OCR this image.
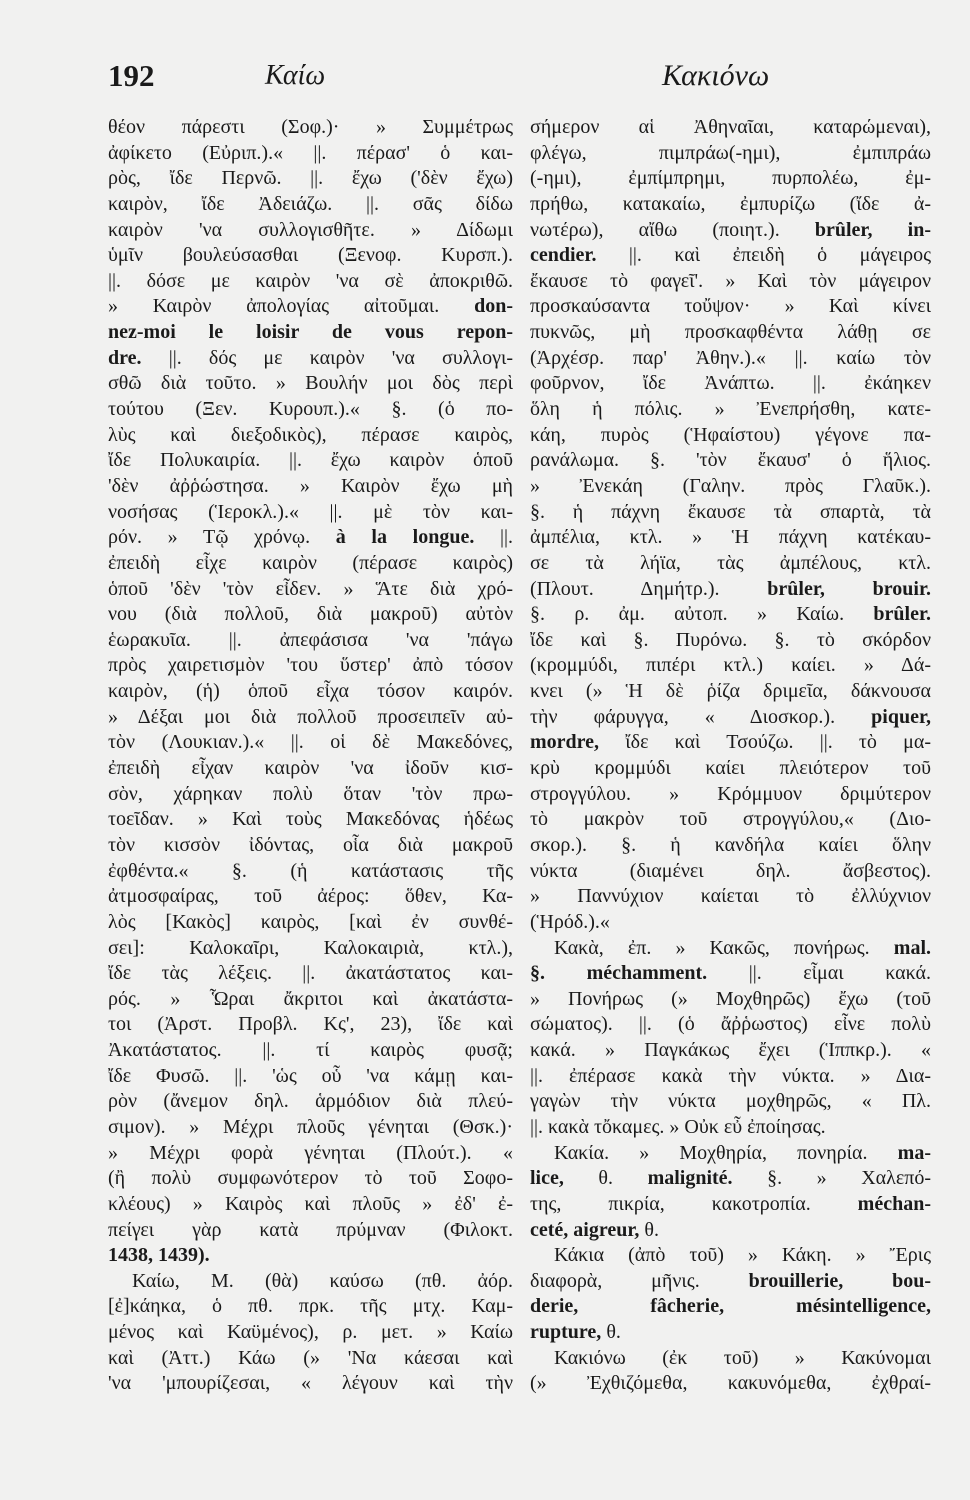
192	Καίω	Κακιόνω
θέον πάρεστι (Σοφ.)· » Συμμέτρως
ἀφίκετο (Εὐριπ.).« ||. πέρασ' ὁ και-
ρὸς, ἴδε Περνῶ. ||. ἔχω ('δὲν ἔχω)
καιρὸν, ἴδε Ἀδειάζω. ||. σᾶς δίδω
καιρὸν 'να συλλογισθῆτε. » Δίδωμι
ὑμῖν βουλεύσασθαι (Ξενοφ. Κυρσπ.).
||. δόσε με καιρὸν 'να σὲ ἀποκριθῶ.
» Καιρὸν ἀπολογίας αἰτοῦμαι. don-
nez-moi le loisir de vous repon-
dre. ||. δός με καιρὸν 'να συλλογι-
σθῶ διὰ τοῦτο. » Βουλήν μοι δὸς περὶ
τούτου (Ξεν. Κυρουπ.).« §. (ὁ πο-
λὺς καὶ διεξοδικὸς), πέρασε καιρὸς,
ἴδε Πολυκαιρία. ||. ἔχω καιρὸν ὁποῦ
'δὲν ἀῤῥώστησα. » Καιρὸν ἔχω μὴ
νοσήσας (Ἱεροκλ.).« ||. μὲ τὸν και-
ρόν. » Τῷ χρόνῳ. à la longue. ||.
ἐπειδὴ εἶχε καιρὸν (πέρασε καιρὸς)
ὁποῦ 'δὲν 'τὸν εἶδεν. » Ἅτε διὰ χρό-
νου (διὰ πολλοῦ, διὰ μακροῦ) αὐτὸν
ἑωρακυῖα. ||. ἀπεφάσισα 'να 'πάγω
πρὸς χαιρετισμὸν 'του ὕστερ' ἀπὸ τόσον
καιρὸν, (ἡ) ὁποῦ εἶχα τόσον καιρόν.
» Δέξαι μοι διὰ πολλοῦ προσειπεῖν αὐ-
τὸν (Λουκιαν.).« ||. οἱ δὲ Μακεδόνες,
ἐπειδὴ εἶχαν καιρὸν 'να ἰδοῦν κισ-
σὸν, χάρηκαν πολὺ ὅταν 'τὸν πρω-
τοεῖδαν. » Καὶ τοὺς Μακεδόνας ἡδέως
τὸν κισσὸν ἰδόντας, οἷα διὰ μακροῦ
ἐφθέντα.« §. (ἡ κατάστασις τῆς
ἀτμοσφαίρας, τοῦ ἀέρος: ὅθεν, Κα-
λὸς [Κακὸς] καιρὸς, [καὶ ἐν συνθέ-
σει]: Καλοκαῖρι, Καλοκαιριὰ, κτλ.),
ἴδε τὰς λέξεις. ||. ἀκατάστατος και-
ρός. » Ὧραι ἄκριτοι καὶ ἀκατάστα-
τοι (Ἀρστ. Προβλ. Κς', 23), ἴδε καὶ
Ἀκατάστατος. ||. τί καιρὸς φυσᾷ;
ἴδε Φυσῶ. ||. 'ὡς οὗ 'να κάμῃ και-
ρὸν (ἄνεμον δηλ. ἁρμόδιον διὰ πλεύ-
σιμον). » Μέχρι πλοῦς γένηται (Θσκ.)·
» Μέχρι φορὰ γένηται (Πλούτ.). «
(ἢ πολὺ συμφωνότερον τὸ τοῦ Σοφο-
κλέους) » Καιρὸς καὶ πλοῦς » ἐδ' ἐ-
πείγει γὰρ κατὰ πρύμναν (Φιλοκτ.
1438, 1439).
Καίω, Μ. (θὰ) καύσω (πθ. ἀόρ.
[ἐ]κάηκα, ὁ πθ. πρκ. τῆς μτχ. Καμ-
μένος καὶ Καϋμένος), ρ. μετ. » Καίω
καὶ (Ἀττ.) Κάω (» 'Να κάεσαι καὶ
'να 'μπουρίζεσαι, « λέγουν καὶ τὴν
σήμερον αἱ Ἀθηναῖαι, καταρώμεναι),
φλέγω, πιμπράω(-ημι), ἐμπιπράω
(-ημι), ἐμπίμπρημι, πυρπολέω, ἐμ-
πρήθω, κατακαίω, ἐμπυρίζω (ἴδε ἀ-
νωτέρω), αἴθω (ποιητ.). brûler, in-
cendier. ||. καὶ ἐπειδὴ ὁ μάγειρος
ἔκαυσε τὸ φαγεῖ'. » Καὶ τὸν μάγειρον
προσκαύσαντα τοὔψον· » Καὶ κίνει
πυκνῶς, μὴ προσκαφθέντα λάθῃ σε
(Ἀρχέσρ. παρ' Ἀθην.).« ||. καίω τὸν
φοῦρνον, ἴδε Ἀνάπτω. ||. ἐκάηκεν
ὅλη ἡ πόλις. » Ἐνεπρήσθη, κατε-
κάη, πυρὸς (Ἡφαίστου) γέγονε πα-
ρανάλωμα. §. 'τὸν ἔκαυσ' ὁ ἥλιος.
» Ἐνεκάη (Γαλην. πρὸς Γλαῦκ.).
§. ἡ πάχνη ἔκαυσε τὰ σπαρτὰ, τὰ
ἀμπέλια, κτλ. » Ἡ πάχνη κατέκαυ-
σε τὰ λήϊα, τὰς ἀμπέλους, κτλ.
(Πλουτ. Δημήτρ.). brûler, brouir.
§. ρ. ἀμ. αὐτοπ. » Καίω. brûler.
ἴδε καὶ §. Πυρόνω. §. τὸ σκόρδον
(κρομμύδι, πιπέρι κτλ.) καίει. » Δά-
κνει (» Ἡ δὲ ῥίζα δριμεῖα, δάκνουσα
τὴν φάρυγγα, « Διοσκορ.). piquer,
mordre, ἴδε καὶ Τσούζω. ||. τὸ μα-
κρὺ κρομμύδι καίει πλειότερον τοῦ
στρογγύλου. » Κρόμμυον δριμύτερον
τὸ μακρὸν τοῦ στρογγύλου,« (Διο-
σκορ.). §. ἡ κανδήλα καίει ὅλην
νύκτα (διαμένει δηλ. ἄσβεστος).
» Παννύχιον καίεται τὸ ἐλλύχνιον
(Ἡρόδ.).«
Κακὰ, ἐπ. » Κακῶς, πονήρως. mal.
§. méchamment. ||. εἶμαι κακά.
» Πονήρως (» Μοχθηρῶς) ἔχω (τοῦ
σώματος). ||. (ὁ ἄῤῥωστος) εἶνε πολὺ
κακά. » Παγκάκως ἔχει (Ἱππκρ.). «
||. ἐπέρασε κακὰ τὴν νύκτα. » Δια-
γαγὼν τὴν νύκτα μοχθηρῶς, « Πλ.
||. κακὰ τὄκαμες. » Οὐκ εὖ ἐποίησας.
Κακία. » Μοχθηρία, πονηρία. ma-
lice, θ. malignité. §. » Χαλεπό-
της, πικρία, κακοτροπία. méchan-
ceté, aigreur, θ.
Κάκια (ἀπὸ τοῦ) » Κάκη. » Ἔρις
διαφορὰ, μῆνις. brouillerie, bou-
derie, fâcherie, mésintelligence,
rupture, θ.
Κακιόνω (ἐκ τοῦ) » Κακύνομαι
(» Ἐχθιζόμεθα, κακυνόμεθα, ἐχθραί-
